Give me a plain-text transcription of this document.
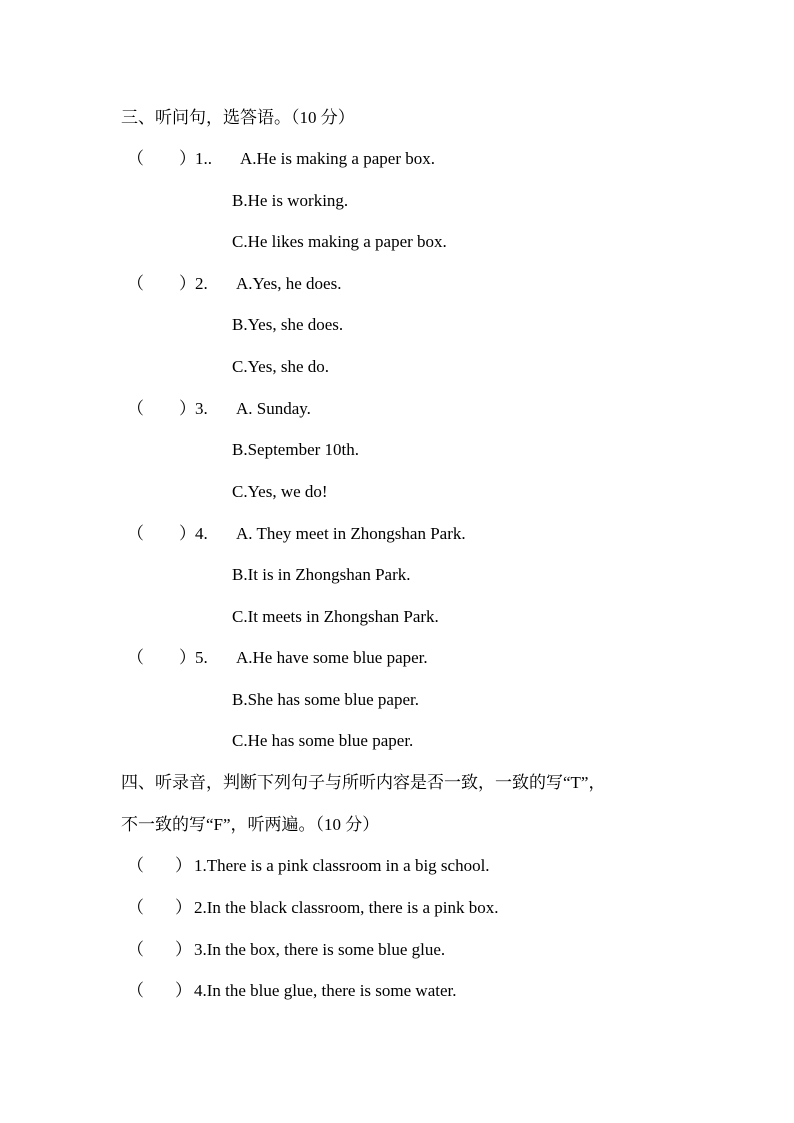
三、听问句，选答语。（10 分）
（ ）1.. A.He is making a paper box.
B.He is working.
C.He likes making a paper box.
（ ）2. A.Yes, he does.
B.Yes, she does.
C.Yes, she do.
（ ）3. A. Sunday.
B.September 10th.
C.Yes, we do!
（ ）4. A. They meet in Zhongshan Park.
B.It is in Zhongshan Park.
C.It meets in Zhongshan Park.
（ ）5. A.He have some blue paper.
B.She has some blue paper.
C.He has some blue paper.
四、听录音，判断下列句子与所听内容是否一致，一致的写“T”，
不一致的写“F”，听两遍。（10 分）
（ ） 1.There is a pink classroom in a big school.
（ ） 2.In the black classroom, there is a pink box.
（ ） 3.In the box, there is some blue glue.
（ ） 4.In the blue glue, there is some water.
